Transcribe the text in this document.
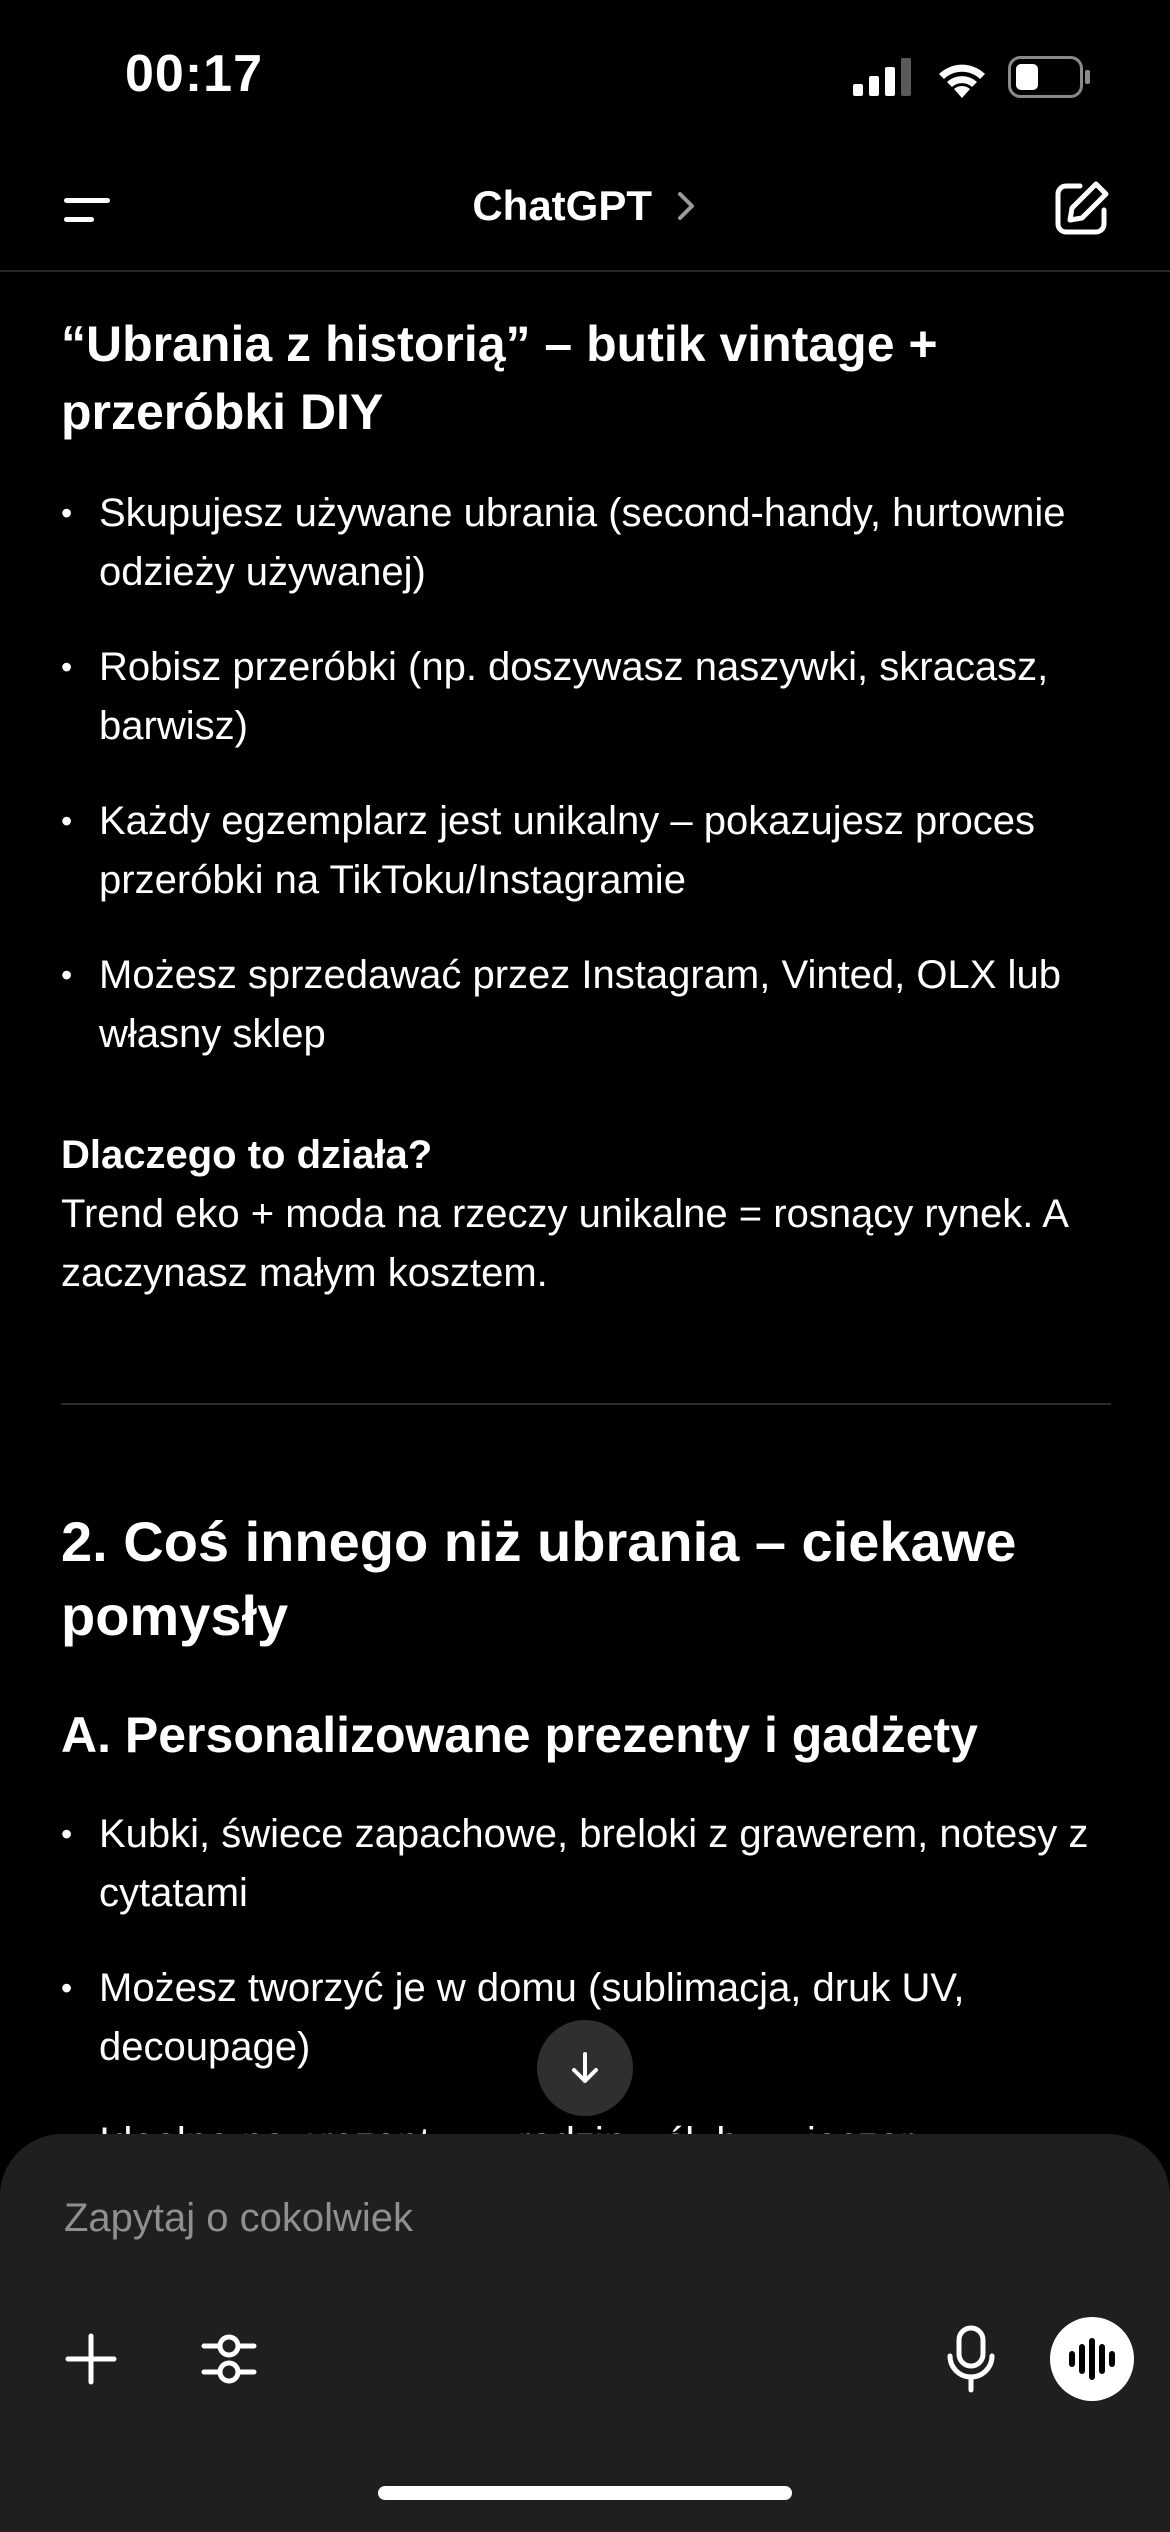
00:17
ChatGPT
“Ubrania z historią” – butik vintage + przeróbki DIY
• Skupujesz używane ubrania (second-handy, hurtownie odzieży używanej)
• Robisz przeróbki (np. doszywasz naszywki, skracasz, barwisz)
• Każdy egzemplarz jest unikalny – pokazujesz proces przeróbki na TikToku/Instagramie
• Możesz sprzedawać przez Instagram, Vinted, OLX lub własny sklep
Dlaczego to działa?
Trend eko + moda na rzeczy unikalne = rosnący rynek. A zaczynasz małym kosztem.
2. Coś innego niż ubrania – ciekawe pomysły
A. Personalizowane prezenty i gadżety
• Kubki, świece zapachowe, breloki z grawerem, notesy z cytatami
• Możesz tworzyć je w domu (sublimacja, druk UV, decoupage)
•
Zapytaj o cokolwiek
